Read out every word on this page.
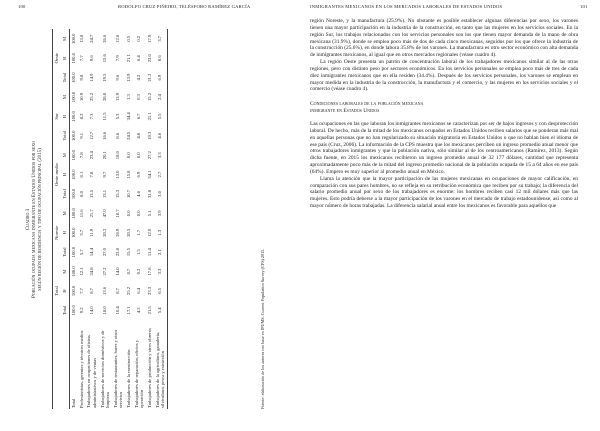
100	RODOLFO CRUZ PIÑEIRO, TELÉSFORO RAMÍREZ GARCÍA
Cuadro 3 Población ocupada mexicana inmigrante en Estados Unidos por sexo según región de residencia y tipo de ocupación principal (2015)
	Total			Noreste			Oeste medio			Sur			Oeste		
	Total	H	M	Total	H	M	Total	H	M	Total	H	M	Total	H	M
Total	100.0	100.0	100.0	100.0	100.0	100.0	100.0	100.0	100.0	100.0	100.0	100.0	100.0	100.0	100.0
Profesionistas, gerentes y técnicos medios	9.2	7.7	12.1	5.7	3.7	11.6	8.0	8.1	7.8	9.1	8.2	10.9	9.8	7.7	13.8
Trabajadores en ocupaciones de oficina, administrativos y de ventas	14.0	8.7	24.8	14.4	11.9	21.7	13.5	7.8	23.4	12.7	7.3	25.2	14.9	9.6	24.7
Trabajadores de servicios domésticos y de limpieza	18.0	13.6	27.2	27.0	20.2	47.0	13.1	9.7	20.1	16.6	11.5	28.8	19.5	15.6	26.6
Trabajadores de restaurantes, bares y otros servicios	10.4	8.7	14.0	22.8	26.9	10.7	15.3	13.0	18.0	8.6	5.3	13.9	9.6	7.9	12.6
Trabajadores de la construcción	17.1	25.2	0.7	15.5	20.5	0.0	10.7	15.8	0.0	24.5	34.4	1.3	13.9	21.1	0.5
Trabajadores de reparación, oficios y operación	4.3	6.4	0.2	1.5	1.7	0.0	4.6	6.9	0.0	4.8	6.7	0.3	4.2	6.4	0.2
Trabajadores de producción y otros obreros	21.5	23.3	17.8	11.4	12.0	5.1	31.8	34.1	27.2	19.3	21.1	15.2	21.2	23.0	17.9
Trabajadores de la agricultura, ganadería, silvicultura, pesca y extracción	5.4	6.5	3.3	2.1	1.3	3.9	3.0	2.7	3.3	4.6	5.5	2.4	6.9	8.6	3.7
Fuente: elaboración de los autores con base en IPUMS. Current Population Survey (CPS) 2015.
INMIGRANTES MEXICANOS EN LOS MERCADOS LABORALES DE ESTADOS UNIDOS	101

región Noreste, y la manufactura (25.9%). No obstante es posible establecer algunas diferencias por sexo, los varones tienen una mayor participación en la industria de la construcción, en tanto que las mujeres en los servicios sociales. En la región Sur, los trabajos relacionados con los servicios personales son los que tienen mayor demanda de la mano de obra mexicana (31.9%), donde se emplea poco más de dos de cada cinco mexicanas, seguidos por los que ofrece la industria de la construcción (25.6%), en donde labora 35.8% de los varones. La manufactura es otro sector económico con alta demanda de inmigrantes mexicanos, al igual que en otros mercados regionales (véase cuadro 4).

La región Oeste presenta un patrón de concentración laboral de los trabajadores mexicanos similar al de las otras regiones, pero con distinto peso por sectores económicos. En los servicios personales se emplea poco más de tres de cada diez inmigrantes mexicanos que en ella residen (34.4%). Después de los servicios personales, los varones se emplean en mayor medida en la industria de la construcción, la manufactura y el comercio, y las mujeres en los servicios sociales y el comercio (véase cuadro 4).

Condiciones laborales de la población mexicana
inmigrante en Estados Unidos

Las ocupaciones en las que laboran los inmigrantes mexicanos se caracterizan por ser de bajos ingresos y con desprotección laboral. De hecho, más de la mitad de los mexicanos ocupados en Estados Unidos reciben salarios que se ponderan más mal en aquellas personas que no han regularizado su situación migratoria en Estados Unidos o que no hablan bien el idioma de ese país (Cruz, 2006). La información de la CPS muestra que los mexicanos perciben un ingreso promedio anual menor que otros trabajadores inmigrantes y que la población nativa, sólo similar al de los centroamericanos (Ramírez, 2013). Según dicha fuente, en 2015 los mexicanos recibieron un ingreso promedio anual de 32 177 dólares, cantidad que representa aproximadamente poco más de la mitad del ingreso promedio nacional de la población ocupada de 15 a 64 años en ese país (64%). Empero es muy superior al promedio anual en México.

Llama la atención que la mayor participación de las mujeres mexicanas en ocupaciones de mayor calificación, en comparación con sus pares hombres, no se refleja en su retribución económica que reciben por su trabajo; la diferencia del salario promedio anual por sexo de los trabajadores es enorme: los hombres reciben casi 12 mil dólares más que las mujeres. Esto podría deberse a la mayor participación de los varones en el mercado de trabajo estadounidense, así como al mayor número de horas trabajadas. La diferencia salarial anual entre los mexicanos es favorable para aquellos que
